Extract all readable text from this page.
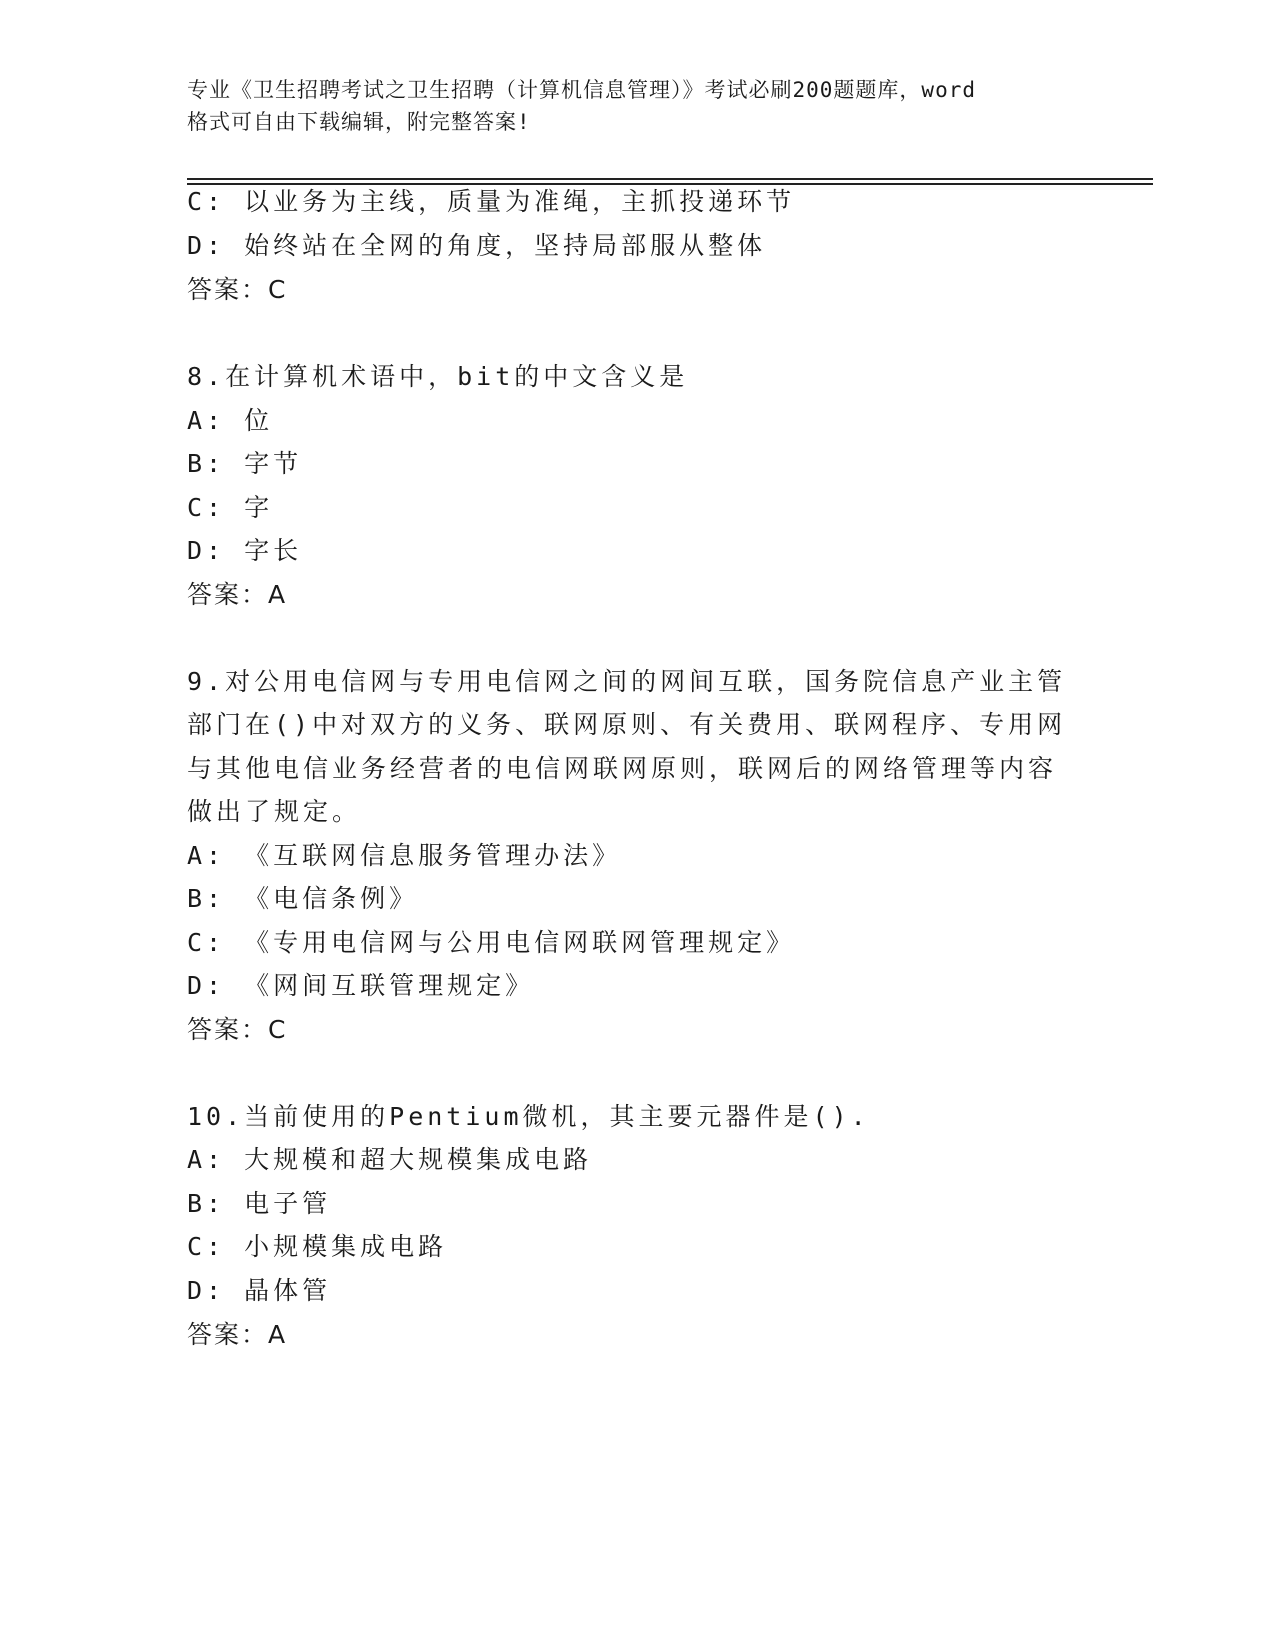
专业《卫生招聘考试之卫生招聘（计算机信息管理）》考试必刷200题题库，word
格式可自由下载编辑，附完整答案!
C: 以业务为主线，质量为准绳，主抓投递环节
D: 始终站在全网的角度，坚持局部服从整体
答案：C
8.在计算机术语中，bit的中文含义是
A: 位
B: 字节
C: 字
D: 字长
答案：A
9.对公用电信网与专用电信网之间的网间互联，国务院信息产业主管
部门在()中对双方的义务、联网原则、有关费用、联网程序、专用网
与其他电信业务经营者的电信网联网原则，联网后的网络管理等内容
做出了规定。
A: 《互联网信息服务管理办法》
B: 《电信条例》
C: 《专用电信网与公用电信网联网管理规定》
D: 《网间互联管理规定》
答案：C
10.当前使用的Pentium微机，其主要元器件是().
A: 大规模和超大规模集成电路
B: 电子管
C: 小规模集成电路
D: 晶体管
答案：A
